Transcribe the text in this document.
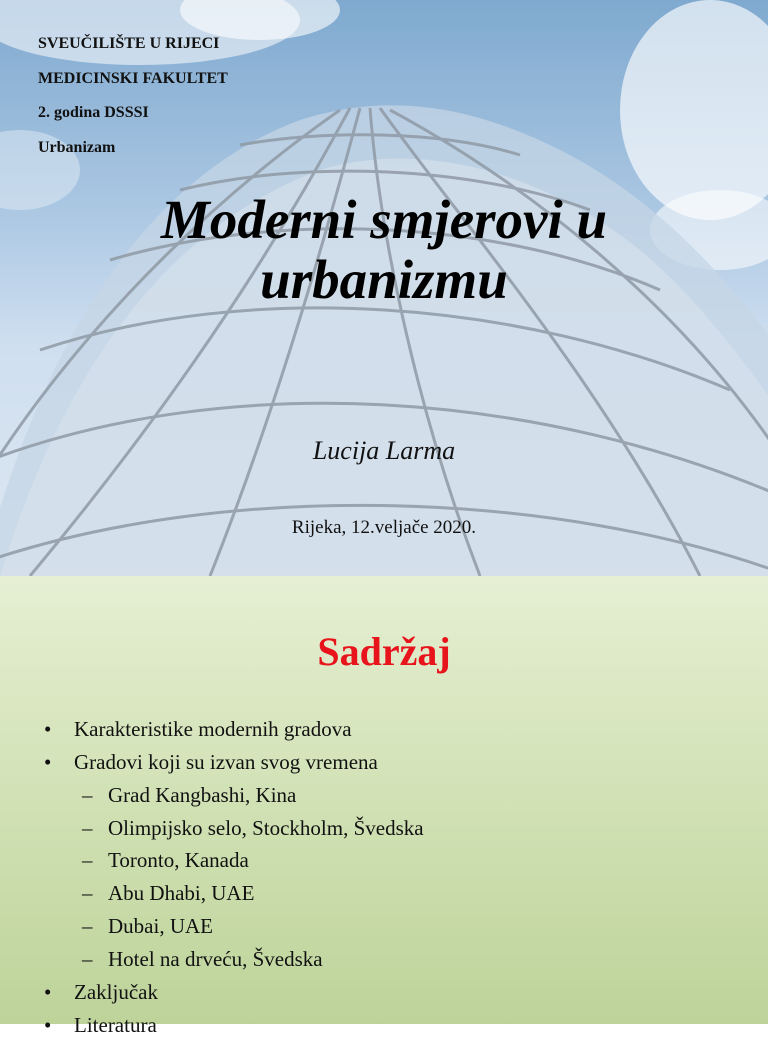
SVEUČILIŠTE U RIJECI
MEDICINSKI FAKULTET
2. godina DSSSI
Urbanizam
Moderni smjerovi u
urbanizmu
Lucija Larma
Rijeka, 12.veljače 2020.
Sadržaj
• Karakteristike modernih gradova
• Gradovi koji su izvan svog vremena
– Grad Kangbashi, Kina
– Olimpijsko selo, Stockholm, Švedska
– Toronto, Kanada
– Abu Dhabi, UAE
– Dubai, UAE
– Hotel na drveću, Švedska
• Zaključak
• Literatura
